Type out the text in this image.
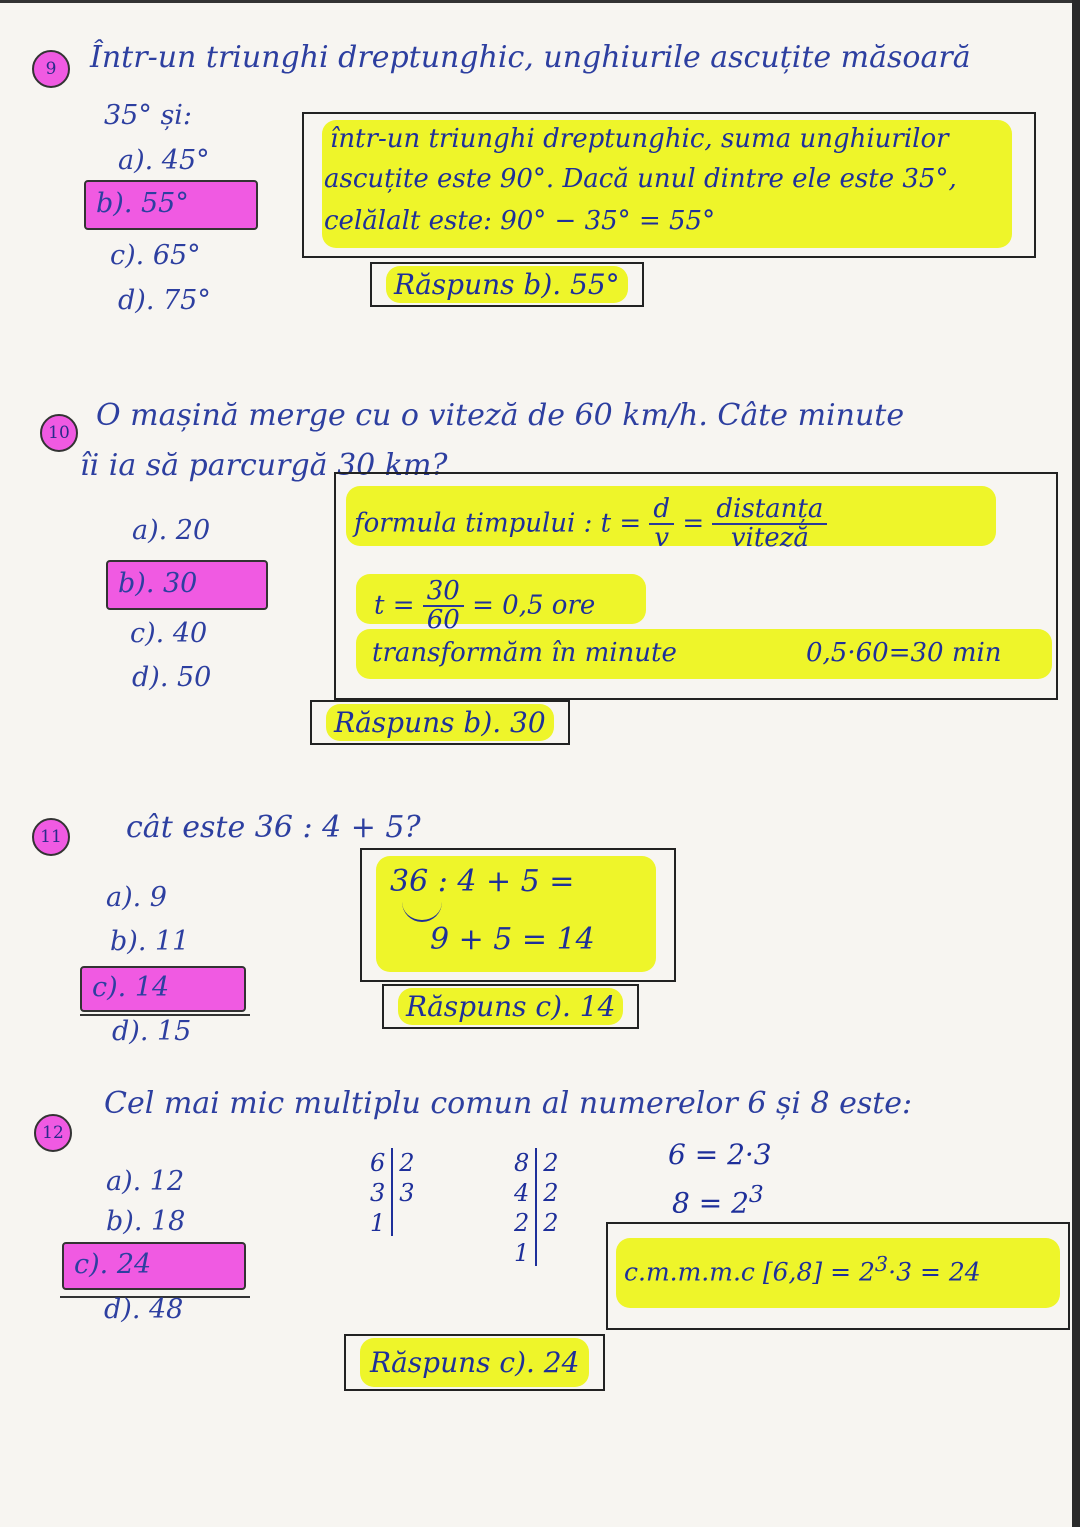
9 Într-un triunghi dreptunghic, unghiurile ascuțite măsoară
35° și:
a). 45°
b). 55°
c). 65°
d). 75°
într-un triunghi dreptunghic, suma unghiurilor
ascuțite este 90°. Dacă unul dintre ele este 35°,
celălalt este: 90° − 35° = 55°
Răspuns b). 55°
10 O mașină merge cu o viteză de 60 km/h. Câte minute
îi ia să parcurgă 30 km?
a). 20
b). 30
c). 40
d). 50
formula timpului : $t = \frac{d}{v} = \frac{\text{distanța}}{\text{viteză}}$
$t = \frac{30}{60} = 0,5$ ore
transformăm în minute	0,5·60=30 min
Răspuns b). 30
11 cât este 36 : 4 + 5?
a). 9
b). 11
c). 14
d). 15
36 : 4 + 5 =
9 + 5 = 14
Răspuns c). 14
12
Cel mai mic multiplu comun al numerelor 6 și 8 este:
a). 12
b). 18
c). 24
d). 48
6
3
1
2
3
8
4
2
1
2
2
2
6 = 2·3
$8 = 2^3$
c.m.m.m.c $[6,8] = 2^3\cdot 3 = 24$
Răspuns c). 24
